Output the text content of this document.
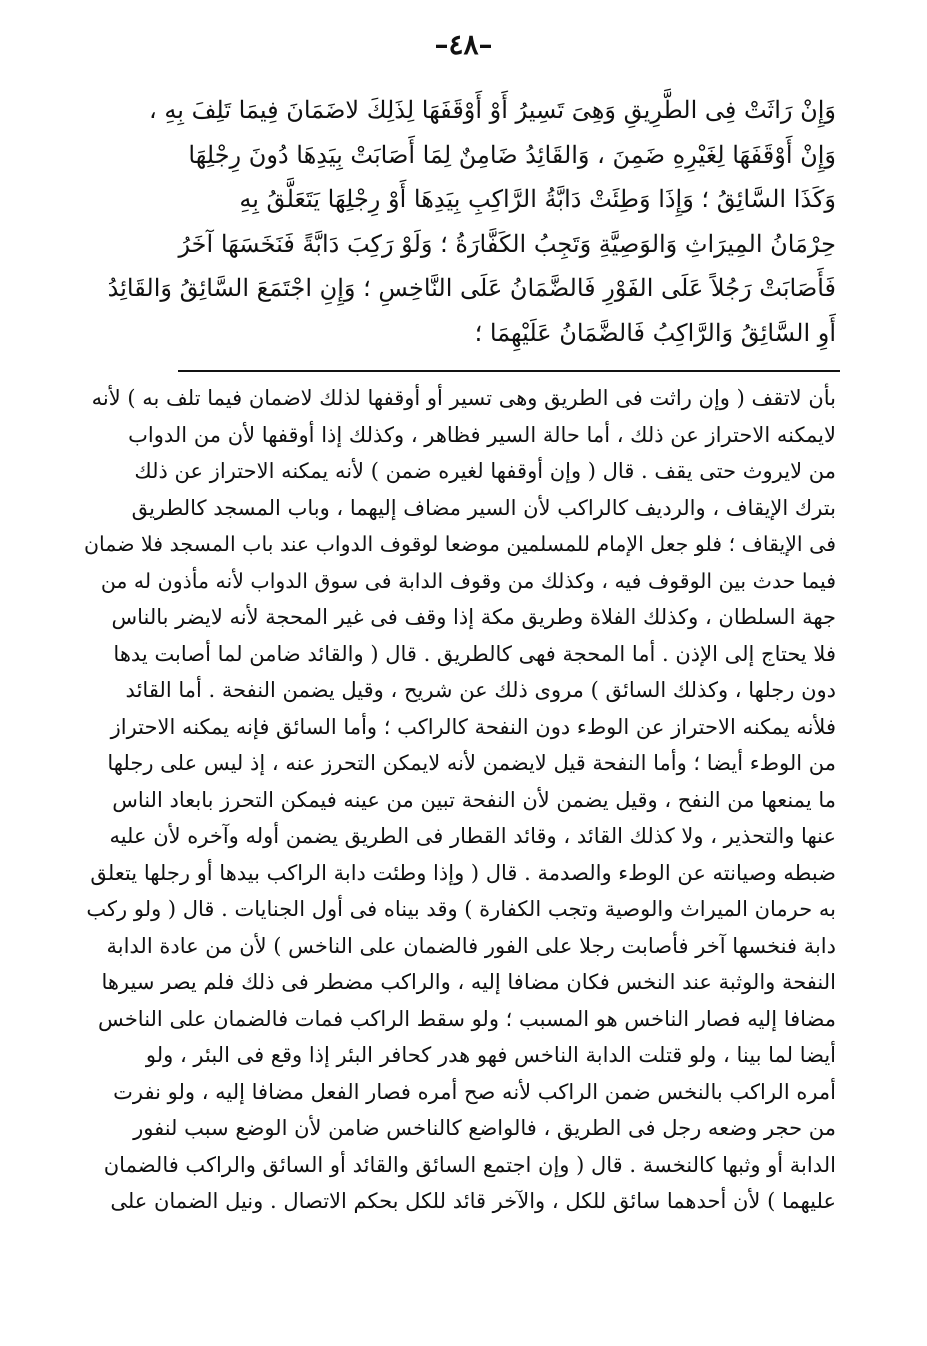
–٤٨–
وَإِنْ رَاثَتْ فِى الطَّرِيقِ وَهِىَ تَسِيرُ أَوْ أَوْقَفَهَا لِذَلِكَ لاضَمَانَ فِيمَا تَلِفَ بِهِ ،
وَإِنْ أَوْقَفَهَا لِغَيْرِهِ ضَمِنَ ، وَالقَائِدُ ضَامِنٌ لِمَا أَصَابَتْ بِيَدِهَا دُونَ رِجْلِهَا
وَكَذَا السَّائِقُ ؛ وَإِذَا وَطِئَتْ دَابَّةُ الرَّاكِبِ بِيَدِهَا أَوْ رِجْلِهَا يَتَعَلَّقُ بِهِ
حِرْمَانُ المِيرَاثِ وَالوَصِيَّةِ وَتَجِبُ الكَفَّارَةُ ؛ وَلَوْ رَكِبَ دَابَّةً فَنَخَسَهَا آخَرُ
فَأَصَابَتْ رَجُلاً عَلَى الفَوْرِ فَالضَّمَانُ عَلَى النَّاخِسِ ؛ وَإِنِ اجْتَمَعَ السَّائِقُ وَالقَائِدُ
أَوِ السَّائِقُ وَالرَّاكِبُ فَالضَّمَانُ عَلَيْهِمَا ؛
بأن لاتقف ( وإن راثت فى الطريق وهى تسير أو أوقفها لذلك لاضمان فيما تلف به ) لأنه
لايمكنه الاحتراز عن ذلك ، أما حالة السير فظاهر ، وكذلك إذا أوقفها لأن من الدواب
من لايروث حتى يقف . قال ( وإن أوقفها لغيره ضمن ) لأنه يمكنه الاحتراز عن ذلك
بترك الإيقاف ، والرديف كالراكب لأن السير مضاف إليهما ، وباب المسجد كالطريق
فى الإيقاف ؛ فلو جعل الإمام للمسلمين موضعا لوقوف الدواب عند باب المسجد فلا ضمان
فيما حدث بين الوقوف فيه ، وكذلك من وقوف الدابة فى سوق الدواب لأنه مأذون له من
جهة السلطان ، وكذلك الفلاة وطريق مكة إذا وقف فى غير المحجة لأنه لايضر بالناس
فلا يحتاج إلى الإذن . أما المحجة فهى كالطريق . قال ( والقائد ضامن لما أصابت يدها
دون رجلها ، وكذلك السائق ) مروى ذلك عن شريح ، وقيل يضمن النفحة . أما القائد
فلأنه يمكنه الاحتراز عن الوطء دون النفحة كالراكب ؛ وأما السائق فإنه يمكنه الاحتراز
من الوطء أيضا ؛ وأما النفحة قيل لايضمن لأنه لايمكن التحرز عنه ، إذ ليس على رجلها
ما يمنعها من النفح ، وقيل يضمن لأن النفحة تبين من عينه فيمكن التحرز بابعاد الناس
عنها والتحذير ، ولا كذلك القائد ، وقائد القطار فى الطريق يضمن أوله وآخره لأن عليه
ضبطه وصيانته عن الوطء والصدمة . قال ( وإذا وطئت دابة الراكب بيدها أو رجلها يتعلق
به حرمان الميراث والوصية وتجب الكفارة ) وقد بيناه فى أول الجنايات . قال ( ولو ركب
دابة فنخسها آخر فأصابت رجلا على الفور فالضمان على الناخس ) لأن من عادة الدابة
النفحة والوثبة عند النخس فكان مضافا إليه ، والراكب مضطر فى ذلك فلم يصر سيرها
مضافا إليه فصار الناخس هو المسبب ؛ ولو سقط الراكب فمات فالضمان على الناخس
أيضا لما بينا ، ولو قتلت الدابة الناخس فهو هدر كحافر البئر إذا وقع فى البئر ، ولو
أمره الراكب بالنخس ضمن الراكب لأنه صح أمره فصار الفعل مضافا إليه ، ولو نفرت
من حجر وضعه رجل فى الطريق ، فالواضع كالناخس ضامن لأن الوضع سبب لنفور
الدابة أو وثبها كالنخسة . قال ( وإن اجتمع السائق والقائد أو السائق والراكب فالضمان
عليهما ) لأن أحدهما سائق للكل ، والآخر قائد للكل بحكم الاتصال . ونيل الضمان على
